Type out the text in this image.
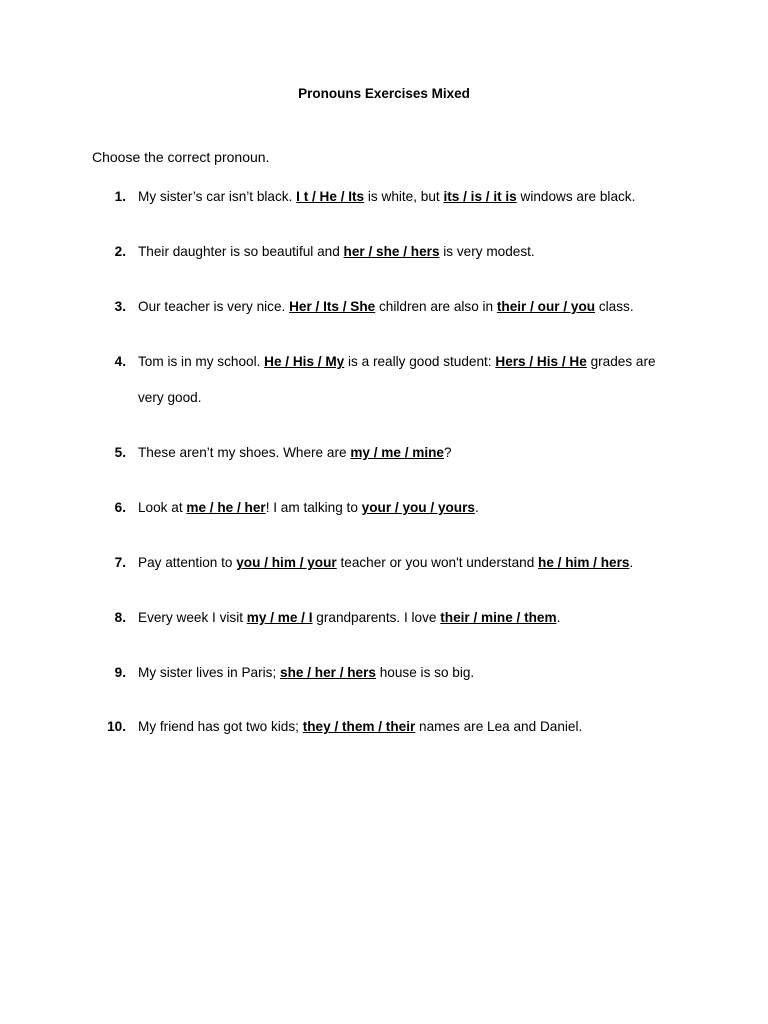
Pronouns Exercises Mixed
Choose the correct pronoun.
1. My sister’s car isn’t black. I t / He / Its is white, but its / is / it is windows are black.
2. Their daughter is so beautiful and her / she / hers is very modest.
3. Our teacher is very nice. Her / Its / She children are also in their / our / you class.
4. Tom is in my school. He / His / My is a really good student: Hers / His / He grades are very good.
5. These aren’t my shoes. Where are my / me / mine?
6. Look at me / he / her! I am talking to your / you / yours.
7. Pay attention to you / him / your teacher or you won't understand he / him / hers.
8. Every week I visit my / me / I grandparents. I love their / mine / them.
9. My sister lives in Paris; she / her / hers house is so big.
10. My friend has got two kids; they / them / their names are Lea and Daniel.
